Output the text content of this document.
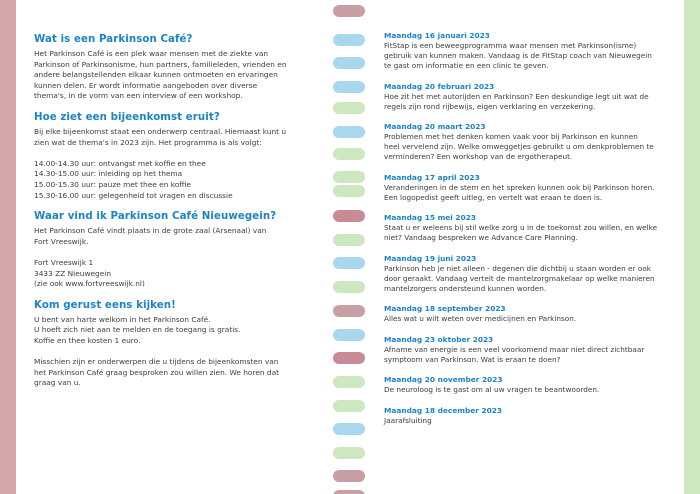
Wat is een Parkinson Café?
Het Parkinson Café is een plek waar mensen met de ziekte van
Parkinson of Parkinsonisme, hun partners, familieleden, vrienden en
andere belangstellenden elkaar kunnen ontmoeten en ervaringen
kunnen delen. Er wordt informatie aangeboden over diverse
thema's, in de vorm van een interview of een workshop.
Hoe ziet een bijeenkomst eruit?
Bij elke bijeenkomst staat een onderwerp centraal. Hiernaast kunt u
zien wat de thema's in 2023 zijn. Het programma is als volgt:
14.00-14.30 uur: ontvangst met koffie en thee
14.30-15.00 uur: inleiding op het thema
15.00-15.30 uur: pauze met thee en koffie
15.30-16.00 uur: gelegenheid tot vragen en discussie
Waar vind ik Parkinson Café Nieuwegein?
Het Parkinson Café vindt plaats in de grote zaal (Arsenaal) van
Fort Vreeswijk.
Fort Vreeswijk 1
3433 ZZ Nieuwegein
(zie ook www.fortvreeswijk.nl)
Kom gerust eens kijken!
U bent van harte welkom in het Parkinson Café.
U hoeft zich niet aan te melden en de toegang is gratis.
Koffie en thee kosten 1 euro.
Misschien zijn er onderwerpen die u tijdens de bijeenkomsten van
het Parkinson Café graag besproken zou willen zien. We horen dat
graag van u.
Maandag 16 januari 2023
FitStap is een beweegprogramma waar mensen met Parkinson(isme)
gebruik van kunnen maken. Vandaag is de FitStap coach van Nieuwegein
te gast om informatie en een clinic te geven.
Maandag 20 februari 2023
Hoe zit het met autorijden en Parkinson? Een deskundige legt uit wat de
regels zijn rond rijbewijs, eigen verklaring en verzekering.
Maandag 20 maart 2023
Problemen met het denken komen vaak voor bij Parkinson en kunnen
heel vervelend zijn. Welke omweggetjes gebruikt u om denkproblemen te
verminderen? Een workshop van de ergotherapeut.
Maandag 17 april 2023
Veranderingen in de stem en het spreken kunnen ook bij Parkinson horen.
Een logopedist geeft uitleg, en vertelt wat eraan te doen is.
Maandag 15 mei 2023
Staat u er weleens bij stil welke zorg u in de toekomst zou willen, en welke
niet? Vandaag bespreken we Advance Care Planning.
Maandag 19 juni 2023
Parkinson heb je niet alleen - degenen die dichtbij u staan worden er ook
door geraakt. Vandaag vertelt de mantelzorgmakelaar op welke manieren
mantelzorgers ondersteund kunnen worden.
Maandag 18 september 2023
Alles wat u wilt weten over medicijnen en Parkinson.
Maandag 23 oktober 2023
Afname van energie is een veel voorkomend maar niet direct zichtbaar
symptoom van Parkinson. Wat is eraan te doen?
Maandag 20 november 2023
De neuroloog is te gast om al uw vragen te beantwoorden.
Maandag 18 december 2023
Jaarafsluiting
